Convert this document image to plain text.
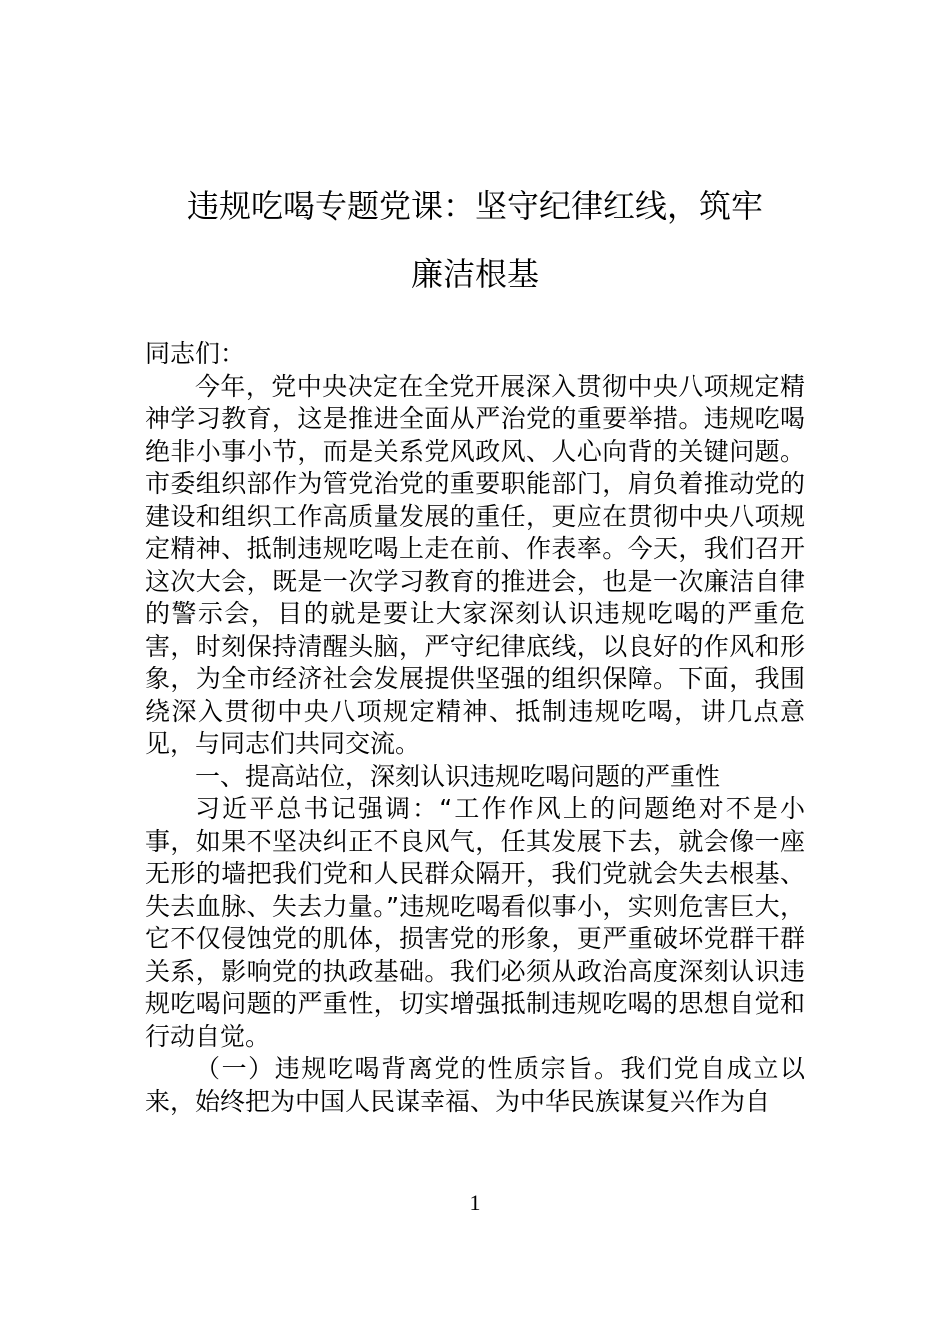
违规吃喝专题党课：坚守纪律红线，筑牢
廉洁根基

同志们：

今年，党中央决定在全党开展深入贯彻中央八项规定精神学习教育，这是推进全面从严治党的重要举措。违规吃喝绝非小事小节，而是关系党风政风、人心向背的关键问题。市委组织部作为管党治党的重要职能部门，肩负着推动党的建设和组织工作高质量发展的重任，更应在贯彻中央八项规定精神、抵制违规吃喝上走在前、作表率。今天，我们召开这次大会，既是一次学习教育的推进会，也是一次廉洁自律的警示会，目的就是要让大家深刻认识违规吃喝的严重危害，时刻保持清醒头脑，严守纪律底线，以良好的作风和形象，为全市经济社会发展提供坚强的组织保障。下面，我围绕深入贯彻中央八项规定精神、抵制违规吃喝，讲几点意见，与同志们共同交流。

一、提高站位，深刻认识违规吃喝问题的严重性

习近平总书记强调：“工作作风上的问题绝对不是小事，如果不坚决纠正不良风气，任其发展下去，就会像一座无形的墙把我们党和人民群众隔开，我们党就会失去根基、失去血脉、失去力量。”违规吃喝看似事小，实则危害巨大，它不仅侵蚀党的肌体，损害党的形象，更严重破坏党群干群关系，影响党的执政基础。我们必须从政治高度深刻认识违规吃喝问题的严重性，切实增强抵制违规吃喝的思想自觉和行动自觉。

（一）违规吃喝背离党的性质宗旨。我们党自成立以来，始终把为中国人民谋幸福、为中华民族谋复兴作为自

1
